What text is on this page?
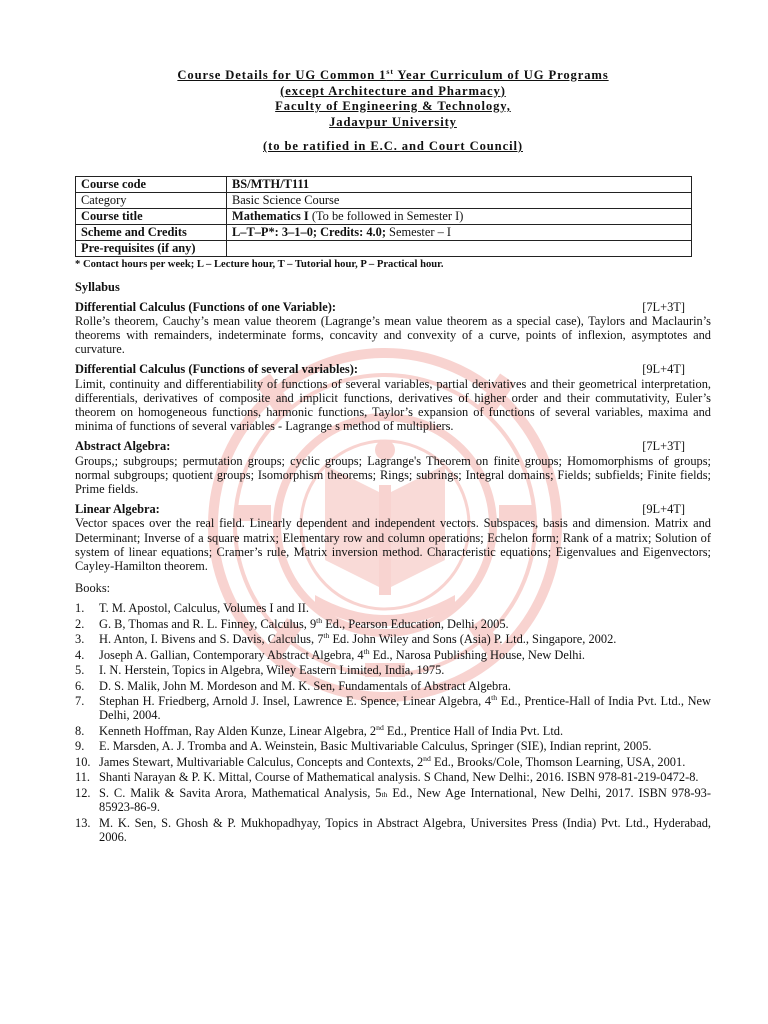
Course Details for UG Common 1st Year Curriculum of UG Programs
(except Architecture and Pharmacy)
Faculty of Engineering & Technology,
Jadavpur University
(to be ratified in E.C. and Court Council)
Course code	BS/MTH/T111
Category	Basic Science Course
Course title	Mathematics I (To be followed in Semester I)
Scheme and Credits	L–T–P*: 3–1–0; Credits: 4.0; Semester – I
Pre-requisites (if any)	
* Contact hours per week; L – Lecture hour, T – Tutorial hour, P – Practical hour.
Syllabus
Differential Calculus (Functions of one Variable):	[7L+3T]

Rolle’s theorem, Cauchy’s mean value theorem (Lagrange’s mean value theorem as a special case), Taylors and Maclaurin’s theorems with remainders, indeterminate forms, concavity and convexity of a curve, points of inflexion, asymptotes and curvature.

Differential Calculus (Functions of several variables):	[9L+4T]

Limit, continuity and differentiability of functions of several variables, partial derivatives and their geometrical interpretation, differentials, derivatives of composite and implicit functions, derivatives of higher order and their commutativity, Euler’s theorem on homogeneous functions, harmonic functions, Taylor’s expansion of functions of several variables, maxima and minima of functions of several variables - Lagrange s method of multipliers.

Abstract Algebra:	[7L+3T]

Groups,; subgroups; permutation groups; cyclic groups; Lagrange's Theorem on finite groups; Homomorphisms of groups; normal subgroups; quotient groups; Isomorphism theorems; Rings; subrings; Integral domains; Fields; subfields; Finite fields; Prime fields.

Linear Algebra:	[9L+4T]

Vector spaces over the real field. Linearly dependent and independent vectors. Subspaces, basis and dimension. Matrix and Determinant; Inverse of a square matrix; Elementary row and column operations; Echelon form; Rank of a matrix; Solution of system of linear equations; Cramer’s rule, Matrix inversion method. Characteristic equations; Eigenvalues and Eigenvectors; Cayley-Hamilton theorem.

Books:
1.	T. M. Apostol, Calculus, Volumes I and II.
2.	G. B, Thomas and R. L. Finney, Calculus, 9th Ed., Pearson Education, Delhi, 2005.
3.	H. Anton, I. Bivens and S. Davis, Calculus, 7th Ed. John Wiley and Sons (Asia) P. Ltd., Singapore, 2002.
4.	Joseph A. Gallian, Contemporary Abstract Algebra, 4th Ed., Narosa Publishing House, New Delhi.
5.	I. N. Herstein, Topics in Algebra, Wiley Eastern Limited, India, 1975.
6.	D. S. Malik, John M. Mordeson and M. K. Sen, Fundamentals of Abstract Algebra.
7.	Stephan H. Friedberg, Arnold J. Insel, Lawrence E. Spence, Linear Algebra, 4th Ed., Prentice-Hall of India Pvt. Ltd., New Delhi, 2004.
8.	Kenneth Hoffman, Ray Alden Kunze, Linear Algebra, 2nd Ed., Prentice Hall of India Pvt. Ltd.
9.	E. Marsden, A. J. Tromba and A. Weinstein, Basic Multivariable Calculus, Springer (SIE), Indian reprint, 2005.
10. James Stewart, Multivariable Calculus, Concepts and Contexts, 2nd Ed., Brooks/Cole, Thomson Learning, USA, 2001.
11. Shanti Narayan & P. K. Mittal, Course of Mathematical analysis. S Chand, New Delhi:, 2016. ISBN 978-81-219-0472-8.
12. S. C. Malik & Savita Arora, Mathematical Analysis, 5th Ed., New Age International, New Delhi, 2017. ISBN 978-93-85923-86-9.
13. M. K. Sen, S. Ghosh & P. Mukhopadhyay, Topics in Abstract Algebra, Universites Press (India) Pvt. Ltd., Hyderabad, 2006.
